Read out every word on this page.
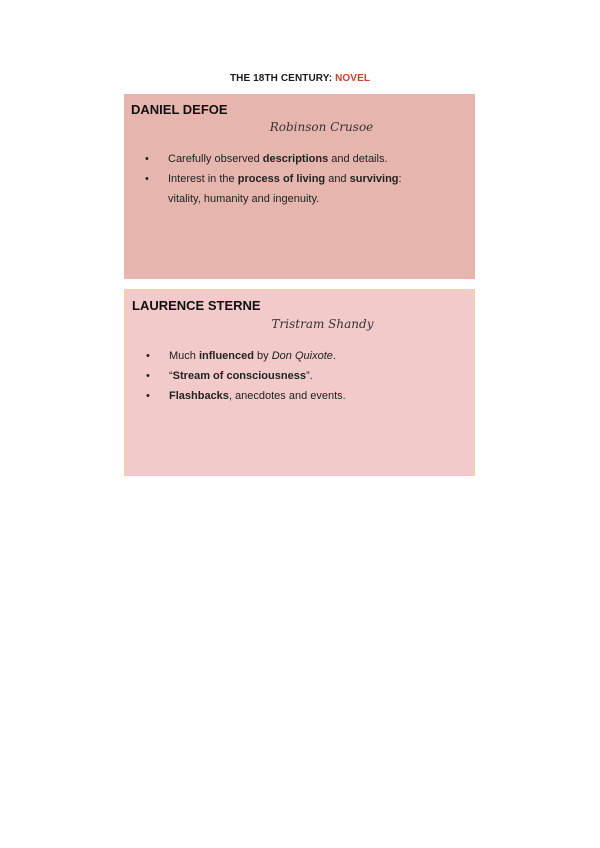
THE 18TH CENTURY: NOVEL
DANIEL DEFOE
Robinson Crusoe
• Carefully observed descriptions and details.
• Interest in the process of living and surviving:
vitality, humanity and ingenuity.
LAURENCE STERNE
Tristram Shandy
• Much influenced by Don Quixote.
• “Stream of consciousness”.
• Flashbacks, anecdotes and events.
